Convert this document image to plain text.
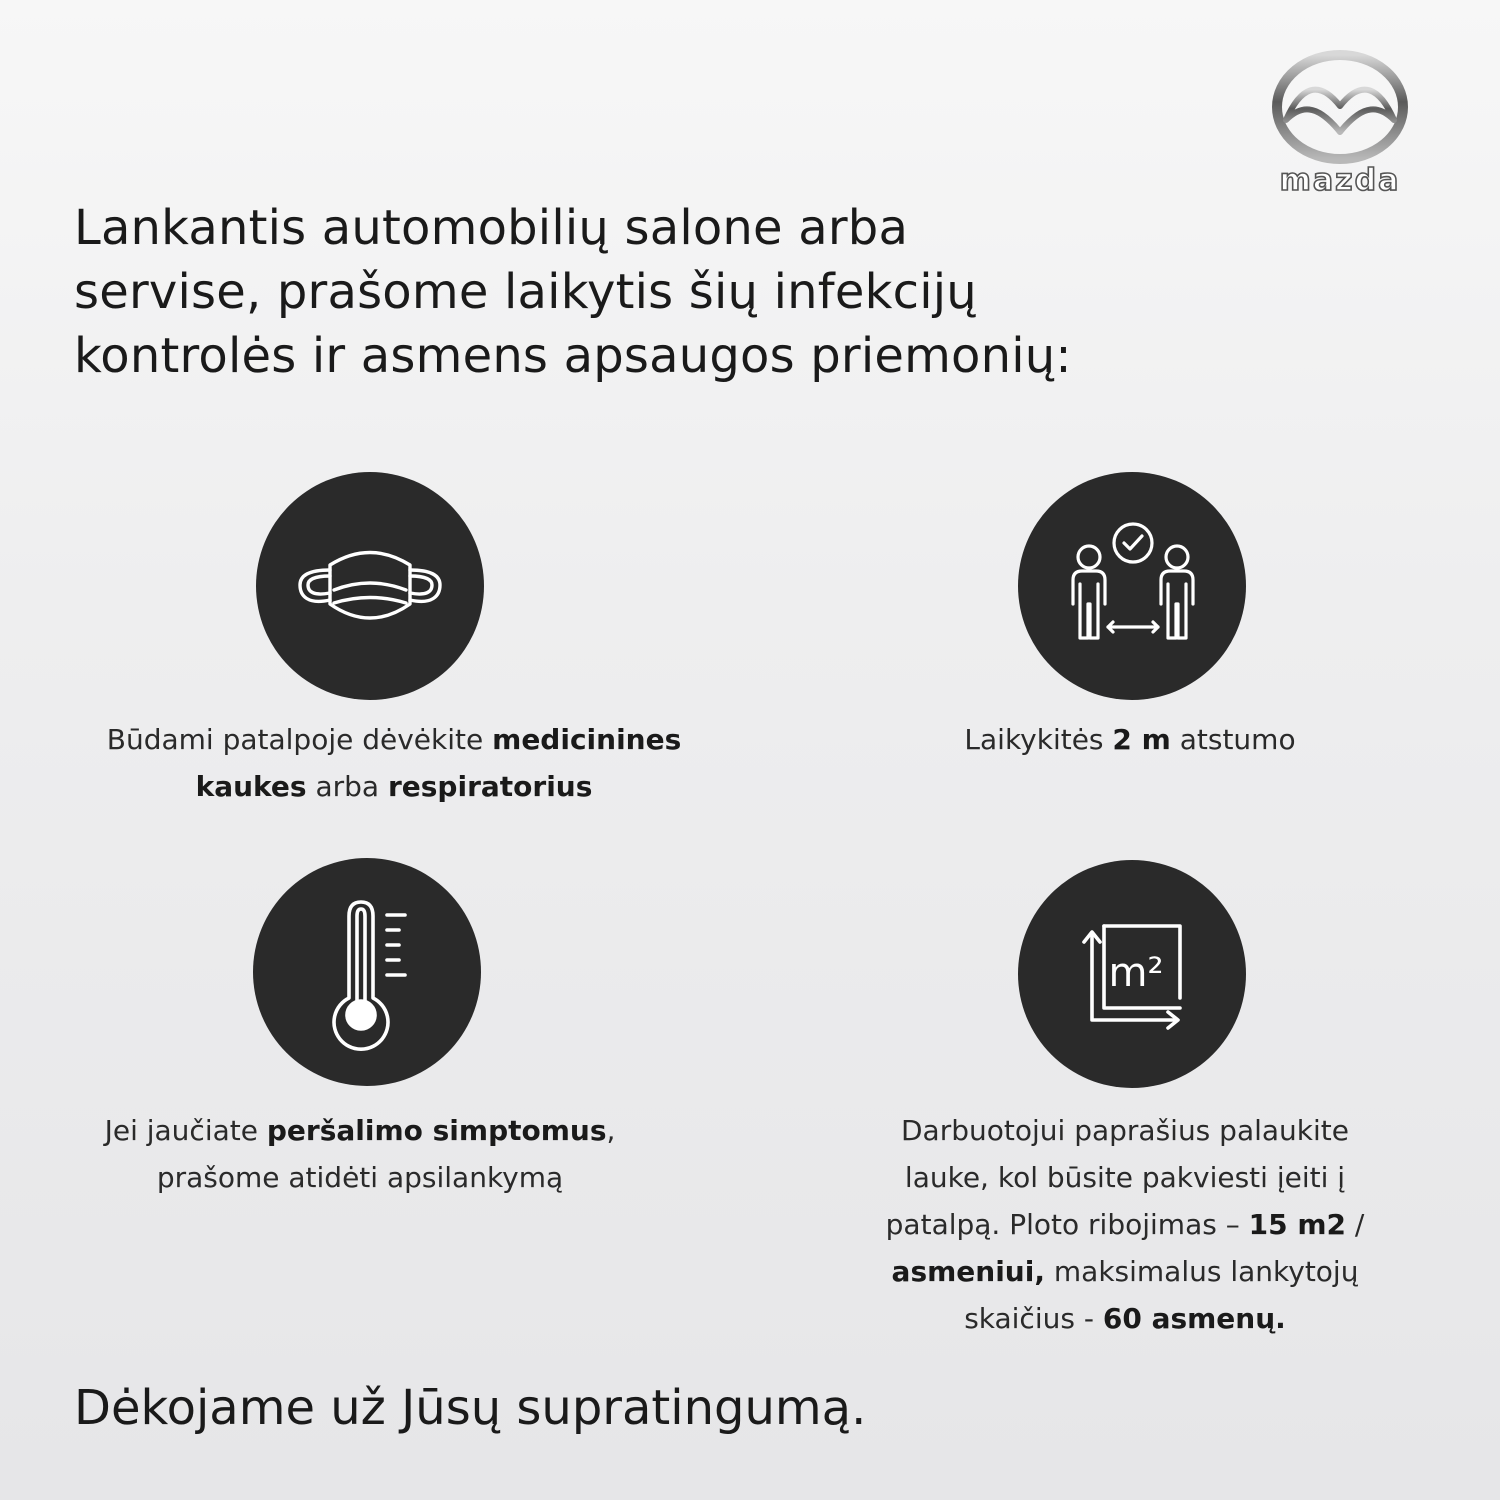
mazda
Lankantis automobilių salone arba
servise, prašome laikytis šių infekcijų
kontrolės ir asmens apsaugos priemonių:
Būdami patalpoje dėvėkite medicinines
kaukes arba respiratorius
Laikykitės 2 m atstumo
Jei jaučiate peršalimo simptomus,
prašome atidėti apsilankymą
m²
Darbuotojui paprašius palaukite
lauke, kol būsite pakviesti įeiti į
patalpą. Ploto ribojimas – 15 m2 /
asmeniui, maksimalus lankytojų
skaičius - 60 asmenų.

Dėkojame už Jūsų supratingumą.
